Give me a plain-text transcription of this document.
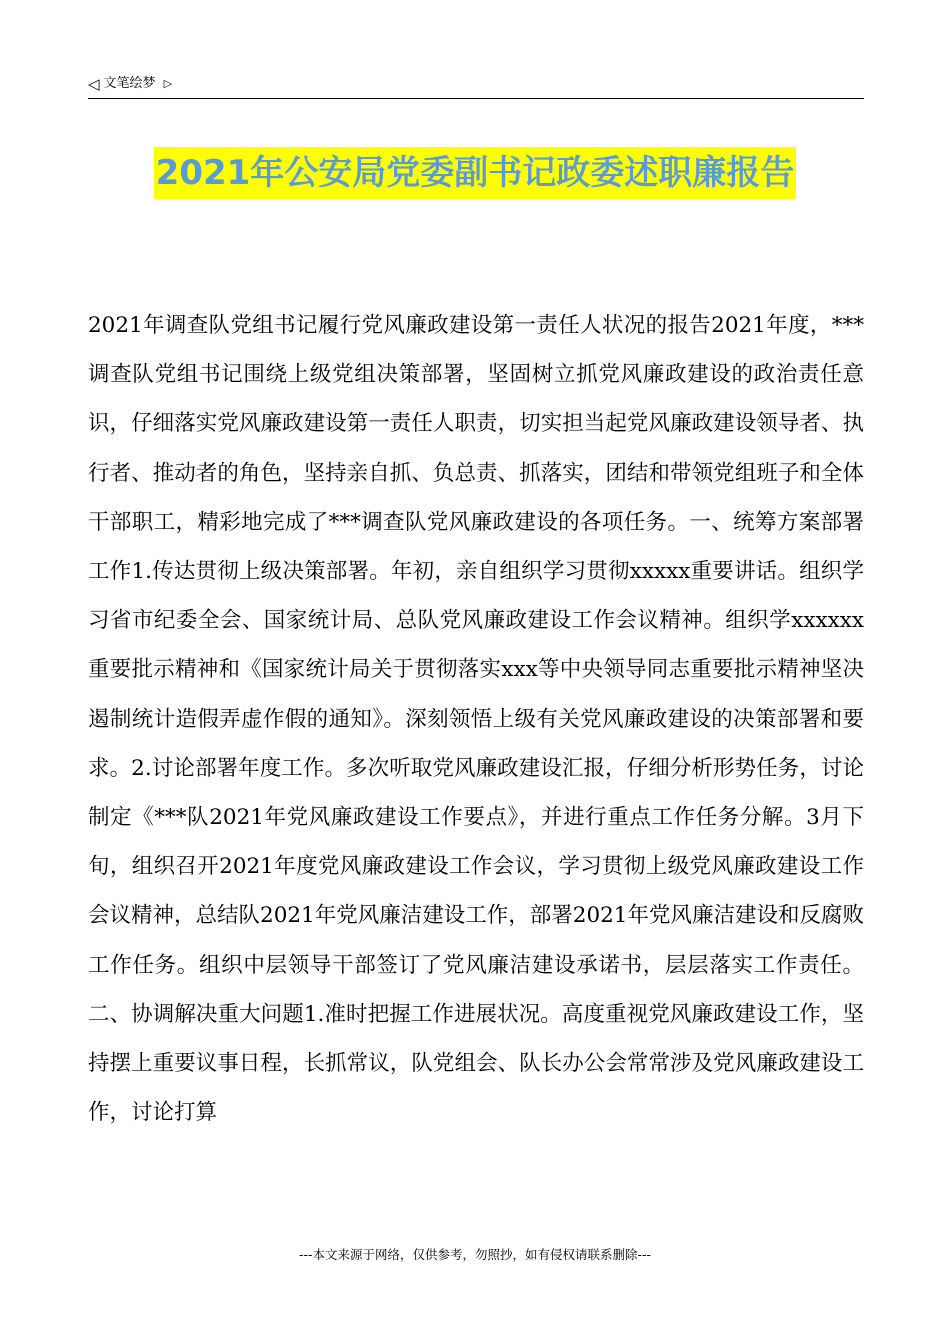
◁ 文笔绘梦 ▷
2021年公安局党委副书记政委述职廉报告

2021年调查队党组书记履行党风廉政建设第一责任人状况的报告2021年度，***调查队党组书记围绕上级党组决策部署，坚固树立抓党风廉政建设的政治责任意识，仔细落实党风廉政建设第一责任人职责，切实担当起党风廉政建设领导者、执行者、推动者的角色，坚持亲自抓、负总责、抓落实，团结和带领党组班子和全体干部职工，精彩地完成了***调查队党风廉政建设的各项任务。一、统筹方案部署工作1.传达贯彻上级决策部署。年初，亲自组织学习贯彻xxxxx重要讲话。组织学习省市纪委全会、国家统计局、总队党风廉政建设工作会议精神。组织学xxxxxx重要批示精神和《国家统计局关于贯彻落实xxx等中央领导同志重要批示精神坚决遏制统计造假弄虚作假的通知》。深刻领悟上级有关党风廉政建设的决策部署和要求。2.讨论部署年度工作。多次听取党风廉政建设汇报，仔细分析形势任务，讨论制定《***队2021年党风廉政建设工作要点》，并进行重点工作任务分解。3月下旬，组织召开2021年度党风廉政建设工作会议，学习贯彻上级党风廉政建设工作会议精神，总结队2021年党风廉洁建设工作，部署2021年党风廉洁建设和反腐败工作任务。组织中层领导干部签订了党风廉洁建设承诺书，层层落实工作责任。二、协调解决重大问题1.准时把握工作进展状况。高度重视党风廉政建设工作，坚持摆上重要议事日程，长抓常议，队党组会、队长办公会常常涉及党风廉政建设工作，讨论打算

---本文来源于网络，仅供参考，勿照抄，如有侵权请联系删除---
